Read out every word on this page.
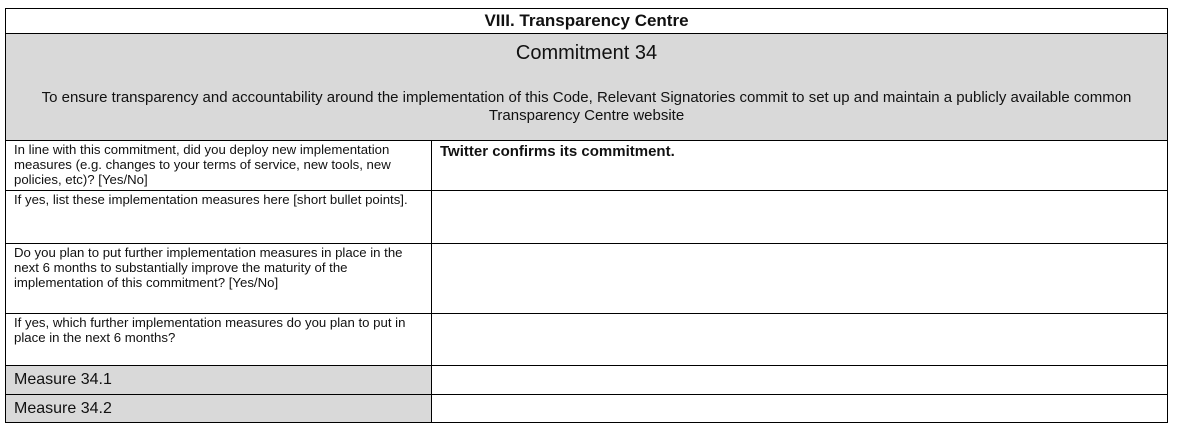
VIII. Transparency Centre
Commitment 34
To ensure transparency and accountability around the implementation of this Code, Relevant Signatories commit to set up and maintain a publicly available common Transparency Centre website
In line with this commitment, did you deploy new implementation measures (e.g. changes to your terms of service, new tools, new policies, etc)? [Yes/No]
Twitter confirms its commitment.
If yes, list these implementation measures here [short bullet points].
Do you plan to put further implementation measures in place in the next 6 months to substantially improve the maturity of the implementation of this commitment? [Yes/No]
If yes, which further implementation measures do you plan to put in place in the next 6 months?
Measure 34.1
Measure 34.2
